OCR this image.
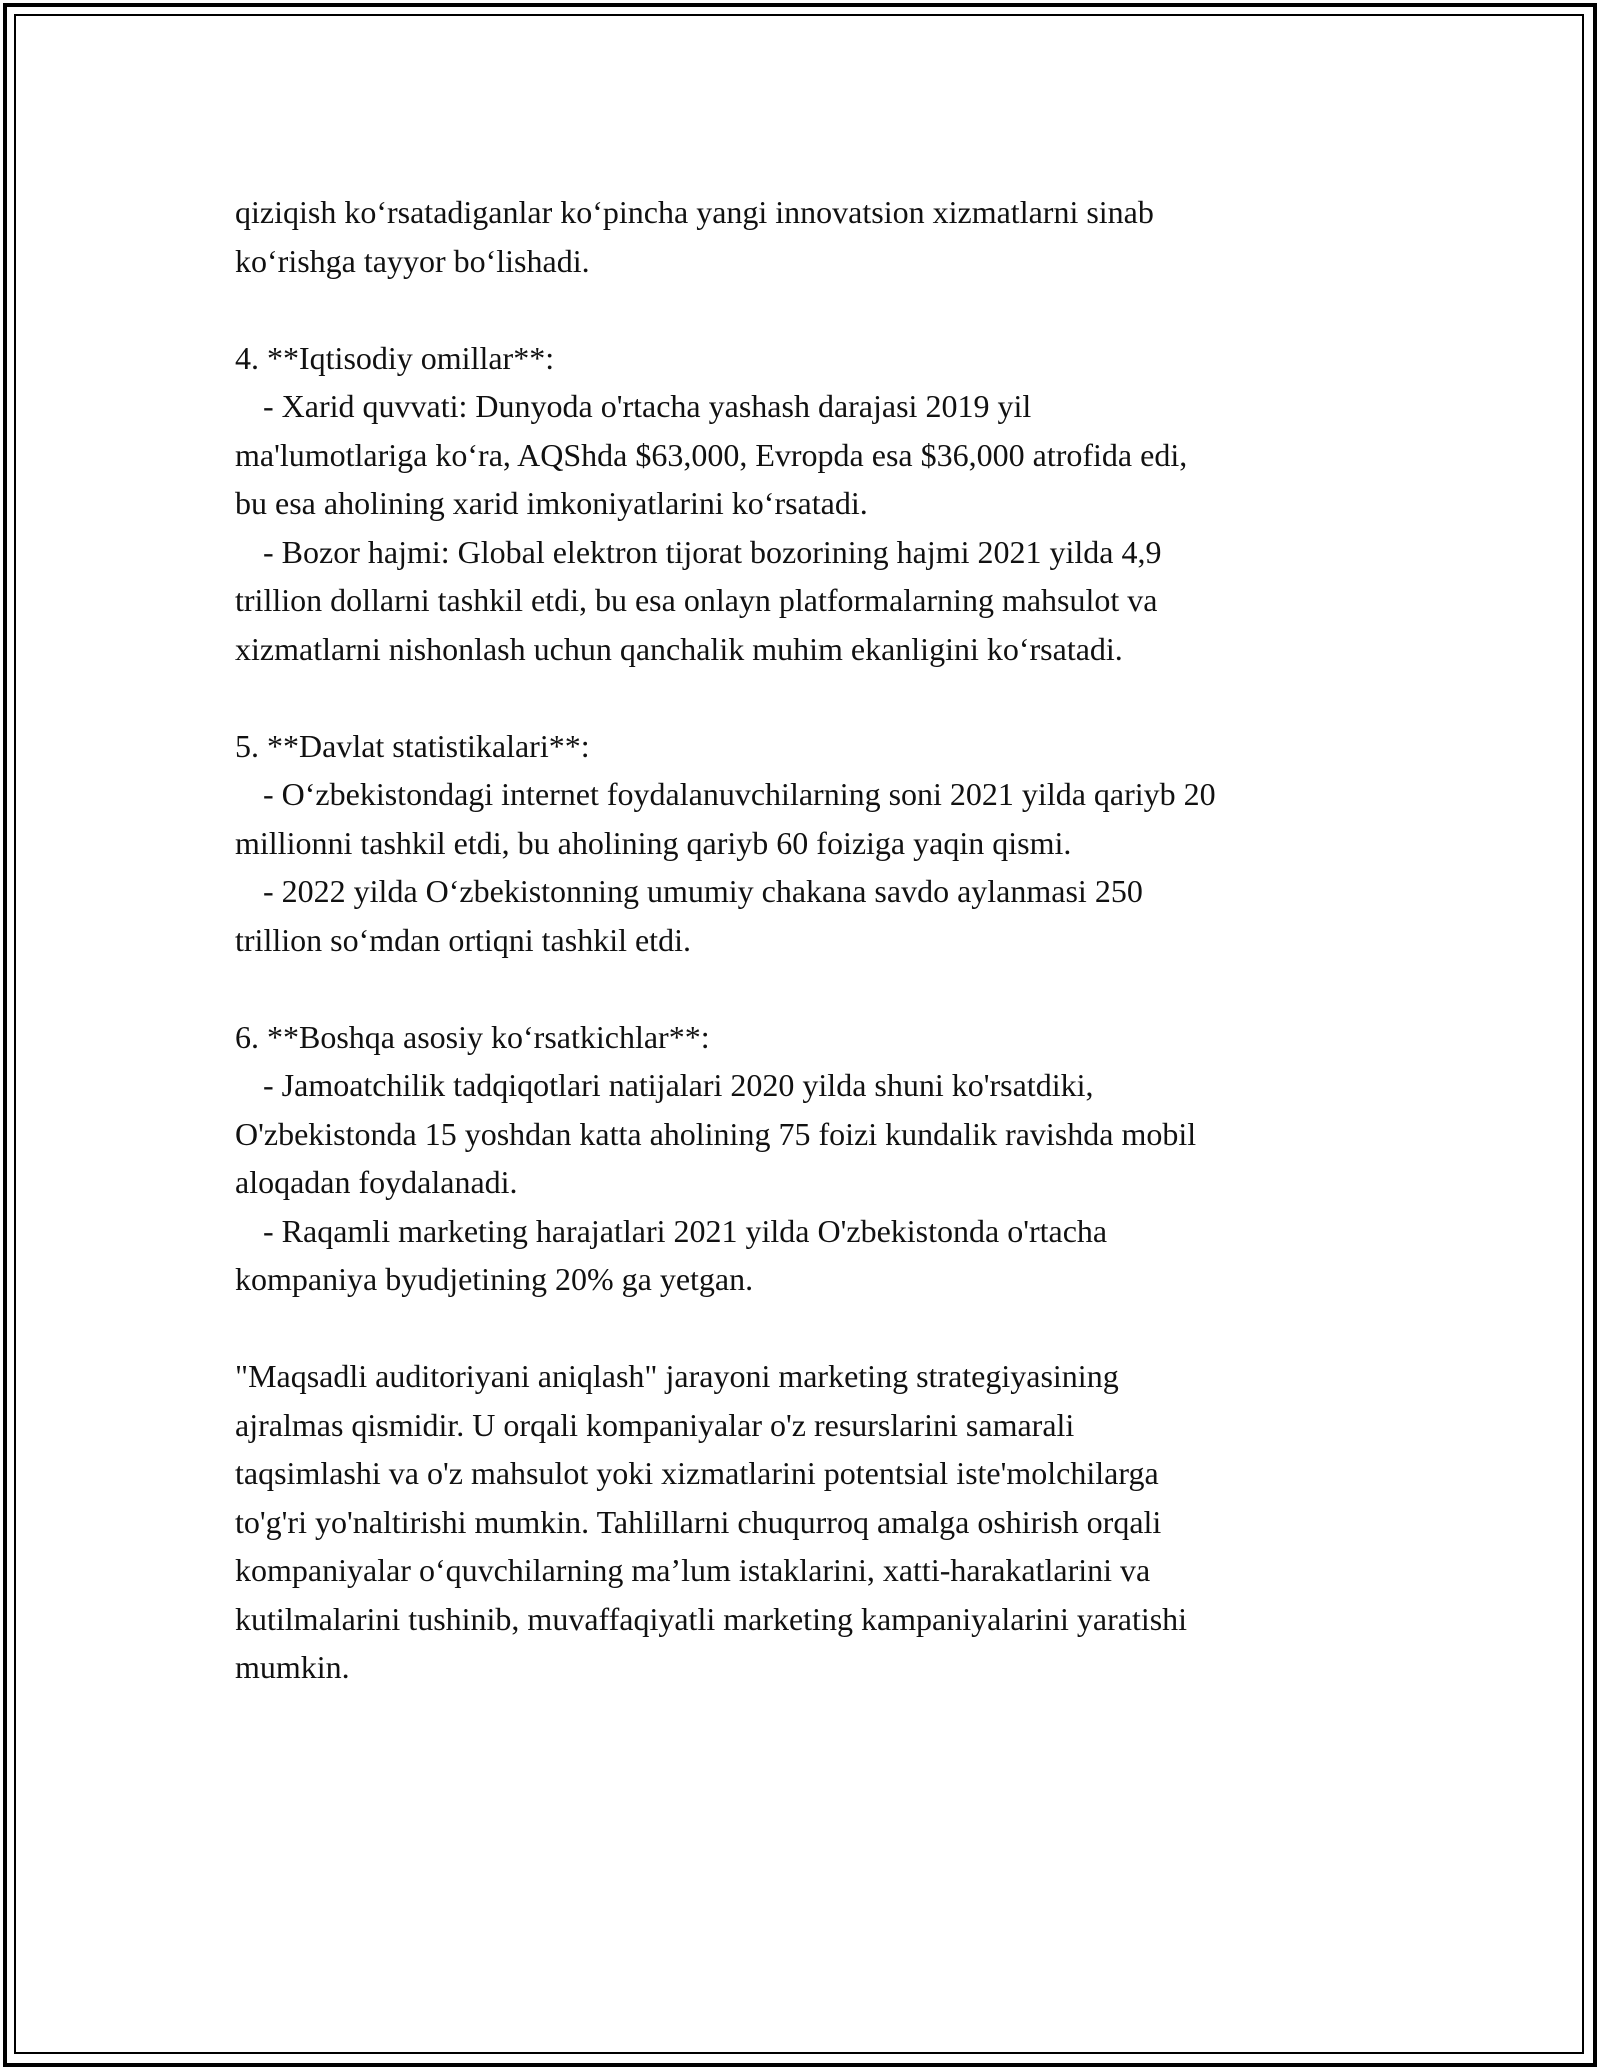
qiziqish ko‘rsatadiganlar ko‘pincha yangi innovatsion xizmatlarni sinab
ko‘rishga tayyor bo‘lishadi.
4. **Iqtisodiy omillar**:
- Xarid quvvati: Dunyoda o'rtacha yashash darajasi 2019 yil
ma'lumotlariga ko‘ra, AQShda $63,000, Evropda esa $36,000 atrofida edi,
bu esa aholining xarid imkoniyatlarini ko‘rsatadi.
- Bozor hajmi: Global elektron tijorat bozorining hajmi 2021 yilda 4,9
trillion dollarni tashkil etdi, bu esa onlayn platformalarning mahsulot va
xizmatlarni nishonlash uchun qanchalik muhim ekanligini ko‘rsatadi.
5. **Davlat statistikalari**:
- O‘zbekistondagi internet foydalanuvchilarning soni 2021 yilda qariyb 20
millionni tashkil etdi, bu aholining qariyb 60 foiziga yaqin qismi.
- 2022 yilda O‘zbekistonning umumiy chakana savdo aylanmasi 250
trillion so‘mdan ortiqni tashkil etdi.
6. **Boshqa asosiy ko‘rsatkichlar**:
- Jamoatchilik tadqiqotlari natijalari 2020 yilda shuni ko'rsatdiki,
O'zbekistonda 15 yoshdan katta aholining 75 foizi kundalik ravishda mobil
aloqadan foydalanadi.
- Raqamli marketing harajatlari 2021 yilda O'zbekistonda o'rtacha
kompaniya byudjetining 20% ga yetgan.
"Maqsadli auditoriyani aniqlash" jarayoni marketing strategiyasining
ajralmas qismidir. U orqali kompaniyalar o'z resurslarini samarali
taqsimlashi va o'z mahsulot yoki xizmatlarini potentsial iste'molchilarga
to'g'ri yo'naltirishi mumkin. Tahlillarni chuqurroq amalga oshirish orqali
kompaniyalar o‘quvchilarning ma’lum istaklarini, xatti-harakatlarini va
kutilmalarini tushinib, muvaffaqiyatli marketing kampaniyalarini yaratishi
mumkin.
